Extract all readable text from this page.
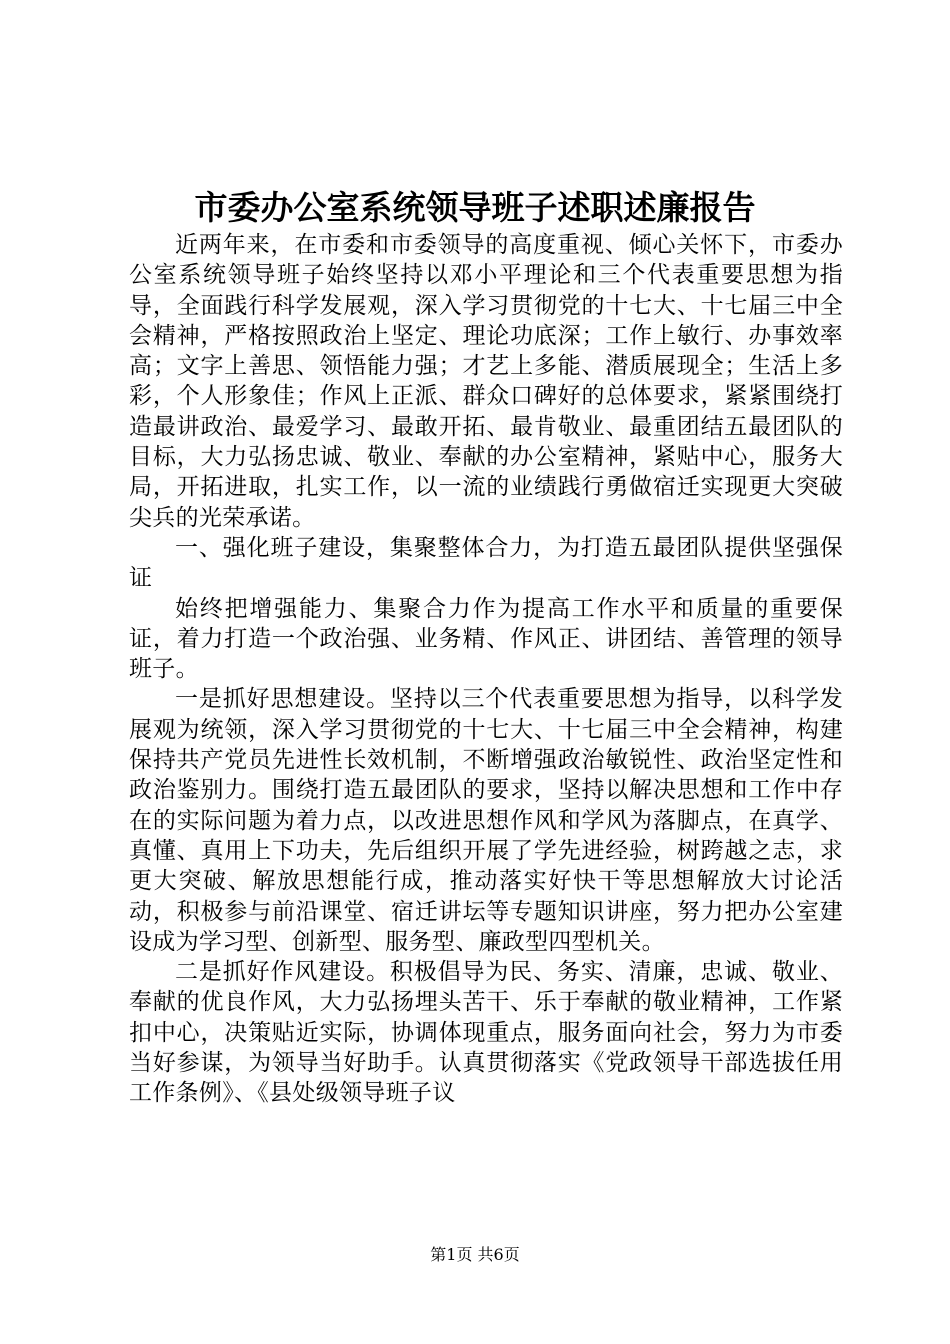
市委办公室系统领导班子述职述廉报告

近两年来，在市委和市委领导的高度重视、倾心关怀下，市委办公室系统领导班子始终坚持以邓小平理论和三个代表重要思想为指导，全面践行科学发展观，深入学习贯彻党的十七大、十七届三中全会精神，严格按照政治上坚定、理论功底深；工作上敏行、办事效率高；文字上善思、领悟能力强；才艺上多能、潜质展现全；生活上多彩，个人形象佳；作风上正派、群众口碑好的总体要求，紧紧围绕打造最讲政治、最爱学习、最敢开拓、最肯敬业、最重团结五最团队的目标，大力弘扬忠诚、敬业、奉献的办公室精神，紧贴中心，服务大局，开拓进取，扎实工作，以一流的业绩践行勇做宿迁实现更大突破尖兵的光荣承诺。

一、强化班子建设，集聚整体合力，为打造五最团队提供坚强保证

始终把增强能力、集聚合力作为提高工作水平和质量的重要保证，着力打造一个政治强、业务精、作风正、讲团结、善管理的领导班子。

一是抓好思想建设。坚持以三个代表重要思想为指导，以科学发展观为统领，深入学习贯彻党的十七大、十七届三中全会精神，构建保持共产党员先进性长效机制，不断增强政治敏锐性、政治坚定性和政治鉴别力。围绕打造五最团队的要求，坚持以解决思想和工作中存在的实际问题为着力点，以改进思想作风和学风为落脚点，在真学、真懂、真用上下功夫，先后组织开展了学先进经验，树跨越之志，求更大突破、解放思想能行成，推动落实好快干等思想解放大讨论活动，积极参与前沿课堂、宿迁讲坛等专题知识讲座，努力把办公室建设成为学习型、创新型、服务型、廉政型四型机关。

二是抓好作风建设。积极倡导为民、务实、清廉，忠诚、敬业、奉献的优良作风，大力弘扬埋头苦干、乐于奉献的敬业精神，工作紧扣中心，决策贴近实际，协调体现重点，服务面向社会，努力为市委当好参谋，为领导当好助手。认真贯彻落实《党政领导干部选拔任用工作条例》、《县处级领导班子议

第1页 共6页
